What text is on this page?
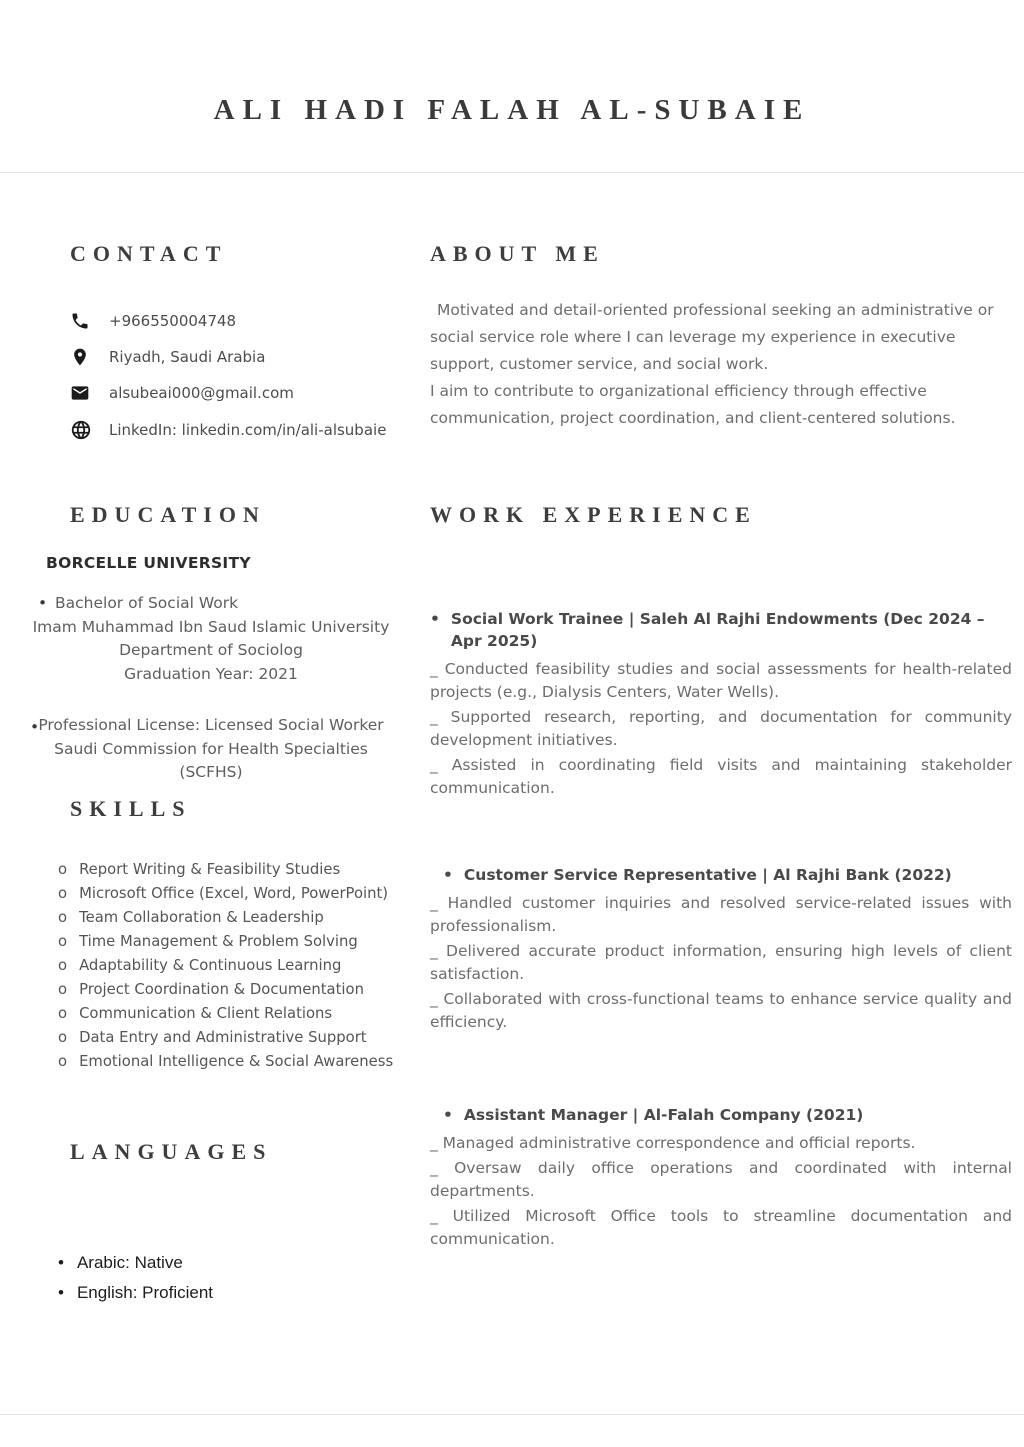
ALI HADI FALAH AL-SUBAIE
CONTACT
+966550004748
Riyadh, Saudi Arabia
alsubeai000@gmail.com
LinkedIn: linkedin.com/in/ali-alsubaie
ABOUT ME

Motivated and detail-oriented professional seeking an administrative or social service role where I can leverage my experience in executive support, customer service, and social work.

I aim to contribute to organizational efficiency through effective communication, project coordination, and client-centered solutions.

EDUCATION
BORCELLE UNIVERSITY
• Bachelor of Social Work
Imam Muhammad Ibn Saud Islamic University
Department of Sociolog
Graduation Year: 2021
• Professional License: Licensed Social Worker
Saudi Commission for Health Specialties
(SCFHS)
WORK EXPERIENCE
• Social Work Trainee | Saleh Al Rajhi Endowments (Dec 2024 – Apr 2025)

_ Conducted feasibility studies and social assessments for health-related projects (e.g., Dialysis Centers, Water Wells).

_ Supported research, reporting, and documentation for community development initiatives.

_ Assisted in coordinating field visits and maintaining stakeholder communication.

• Customer Service Representative | Al Rajhi Bank (2022)

_ Handled customer inquiries and resolved service-related issues with professionalism.

_ Delivered accurate product information, ensuring high levels of client satisfaction.

_ Collaborated with cross-functional teams to enhance service quality and efficiency.

• Assistant Manager | Al-Falah Company (2021)

_ Managed administrative correspondence and official reports.

_ Oversaw daily office operations and coordinated with internal departments.

_ Utilized Microsoft Office tools to streamline documentation and communication.

SKILLS
o Report Writing & Feasibility Studies
o Microsoft Office (Excel, Word, PowerPoint)
o Team Collaboration & Leadership
o Time Management & Problem Solving
o Adaptability & Continuous Learning
o Project Coordination & Documentation
o Communication & Client Relations
o Data Entry and Administrative Support
o Emotional Intelligence & Social Awareness
LANGUAGES
• Arabic: Native
• English: Proficient
